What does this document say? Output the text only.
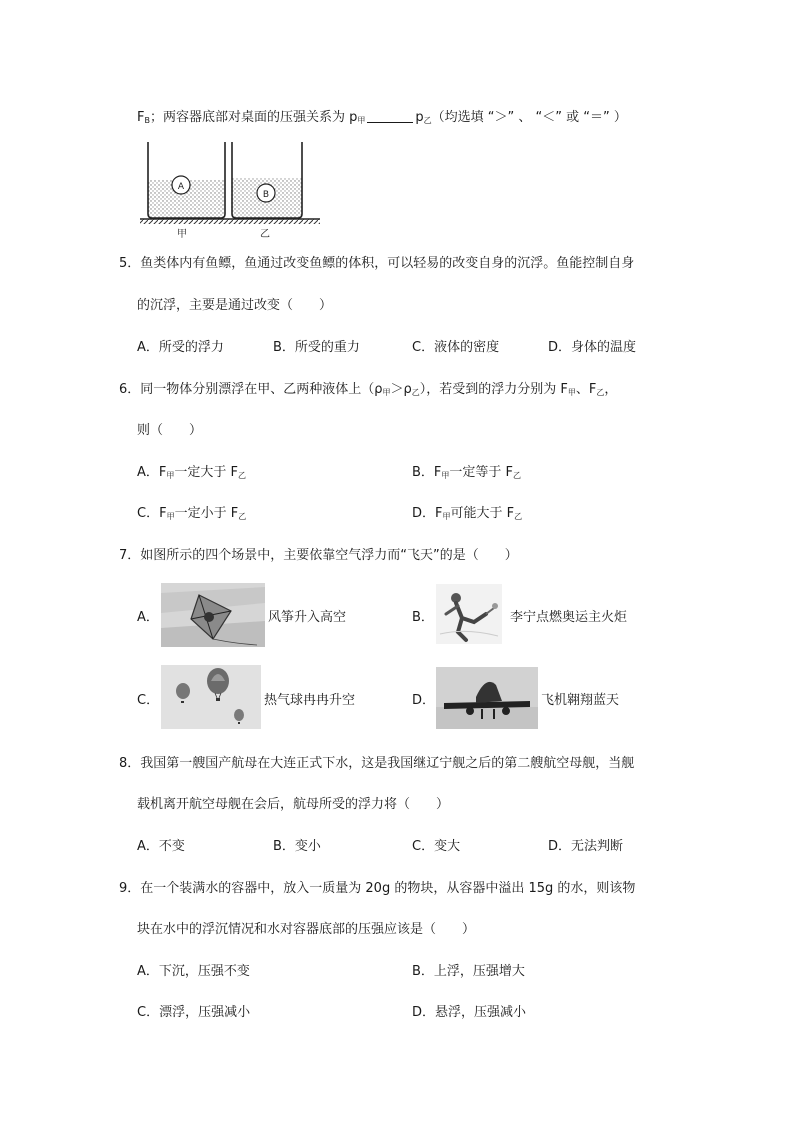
$F_B$；两容器底部对桌面的压强关系为 $p_甲$	$p_乙$（均选填 “＞” 、 “＜” 或 “＝” ）
A
B
甲	乙
5．鱼类体内有鱼鳔，鱼通过改变鱼鳔的体积，可以轻易的改变自身的沉浮。鱼能控制自身
的沉浮，主要是通过改变（　　）
A．所受的浮力	B．所受的重力	C．液体的密度	D．身体的温度
6．同一物体分别漂浮在甲、乙两种液体上$(\rho_甲>\rho_乙)$，若受到的浮力分别为 $F_甲$、$F_乙$，
则（　　）
A．$F_甲$一定大于 $F_乙$	B．$F_甲$一定等于 $F_乙$
C．$F_甲$一定小于 $F_乙$	D．$F_甲$可能大于 $F_乙$
7．如图所示的四个场景中，主要依靠空气浮力而“飞天”的是（　　）
A．	风筝升入高空	B．	李宁点燃奥运主火炬
C．	热气球冉冉升空	D．	飞机翱翔蓝天
8．我国第一艘国产航母在大连正式下水，这是我国继辽宁舰之后的第二艘航空母舰，当舰
载机离开航空母舰在会后，航母所受的浮力将（　　）
A．不变	B．变小	C．变大	D．无法判断
9．在一个装满水的容器中，放入一质量为 20g 的物块，从容器中溢出 15g 的水，则该物
块在水中的浮沉情况和水对容器底部的压强应该是（　　）
A．下沉，压强不变	B．上浮，压强增大
C．漂浮，压强减小	D．悬浮，压强减小
